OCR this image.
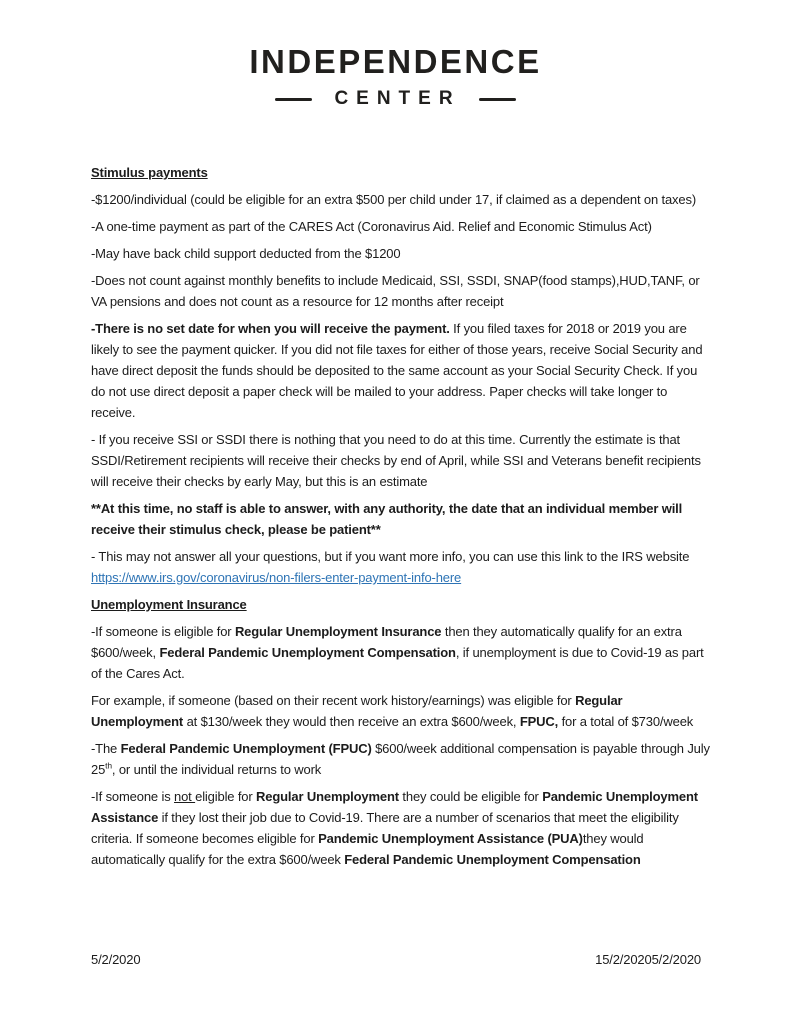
INDEPENDENCE
CENTER

Stimulus payments

-$1200/individual (could be eligible for an extra $500 per child under 17, if claimed as a dependent on taxes)

-A one-time payment as part of the CARES Act (Coronavirus Aid. Relief and Economic Stimulus Act)

-May have back child support deducted from the $1200

-Does not count against monthly benefits to include Medicaid, SSI, SSDI, SNAP(food stamps),HUD,TANF, or VA pensions and does not count as a resource for 12 months after receipt

-There is no set date for when you will receive the payment. If you filed taxes for 2018 or 2019 you are likely to see the payment quicker. If you did not file taxes for either of those years, receive Social Security and have direct deposit the funds should be deposited to the same account as your Social Security Check. If you do not use direct deposit a paper check will be mailed to your address. Paper checks will take longer to receive.

- If you receive SSI or SSDI there is nothing that you need to do at this time. Currently the estimate is that SSDI/Retirement recipients will receive their checks by end of April, while SSI and Veterans benefit recipients will receive their checks by early May, but this is an estimate

**At this time, no staff is able to answer, with any authority, the date that an individual member will receive their stimulus check, please be patient**

- This may not answer all your questions, but if you want more info, you can use this link to the IRS website https://www.irs.gov/coronavirus/non-filers-enter-payment-info-here

Unemployment Insurance

-If someone is eligible for Regular Unemployment Insurance then they automatically qualify for an extra $600/week, Federal Pandemic Unemployment Compensation, if unemployment is due to Covid-19 as part of the Cares Act.

For example, if someone (based on their recent work history/earnings) was eligible for Regular Unemployment at $130/week they would then receive an extra $600/week, FPUC, for a total of $730/week

-The Federal Pandemic Unemployment (FPUC) $600/week additional compensation is payable through July 25th, or until the individual returns to work

-If someone is not eligible for Regular Unemployment they could be eligible for Pandemic Unemployment Assistance if they lost their job due to Covid-19. There are a number of scenarios that meet the eligibility criteria. If someone becomes eligible for Pandemic Unemployment Assistance (PUA)they would automatically qualify for the extra $600/week Federal Pandemic Unemployment Compensation

5/2/2020	15/2/20205/2/2020
